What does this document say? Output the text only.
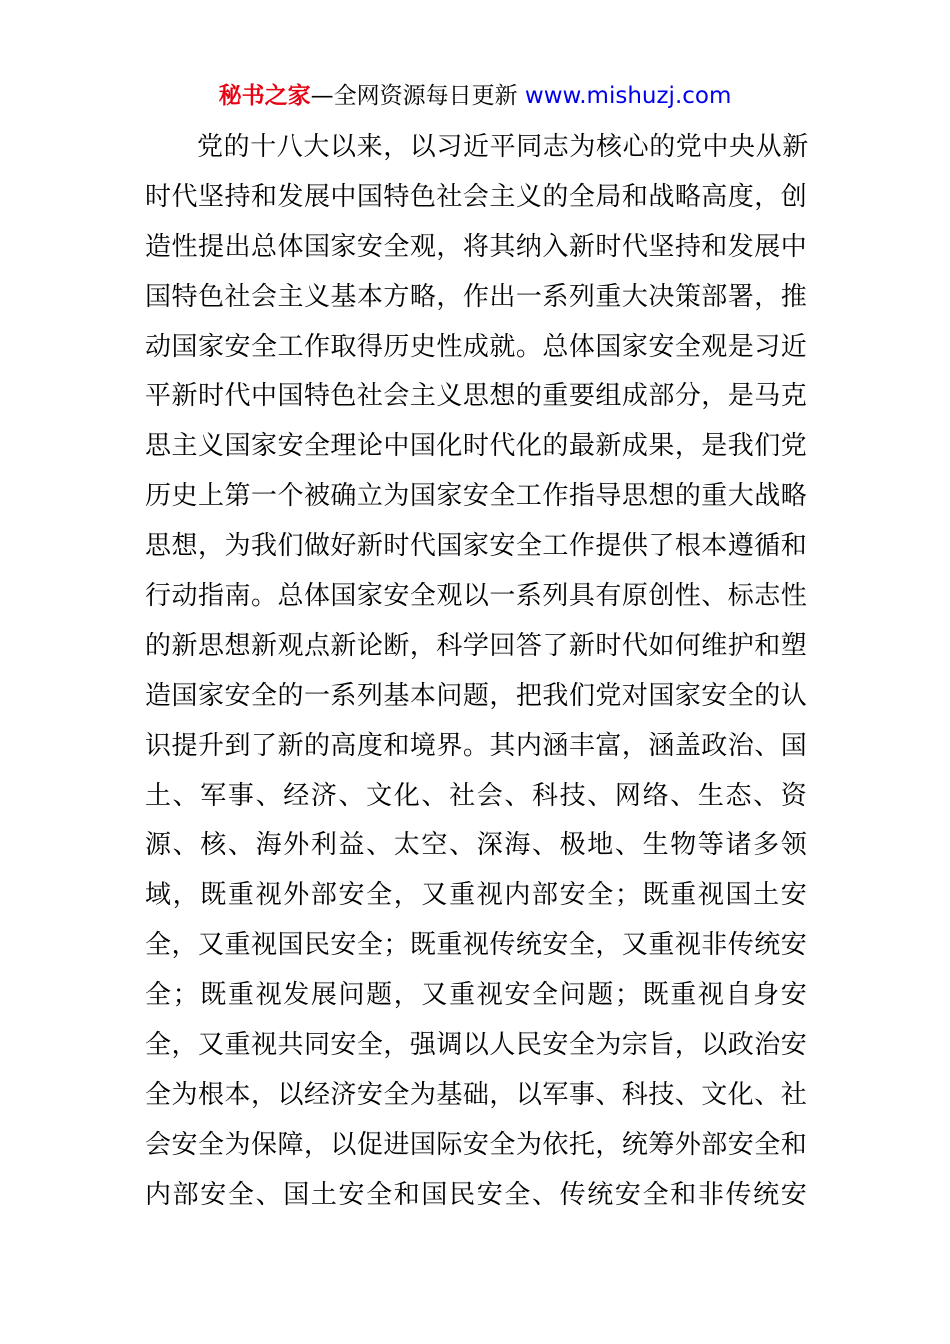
秘书之家—全网资源每日更新 www.mishuzj.com
党的十八大以来，以习近平同志为核心的党中央从新
时代坚持和发展中国特色社会主义的全局和战略高度，创
造性提出总体国家安全观，将其纳入新时代坚持和发展中
国特色社会主义基本方略，作出一系列重大决策部署，推
动国家安全工作取得历史性成就。总体国家安全观是习近
平新时代中国特色社会主义思想的重要组成部分，是马克
思主义国家安全理论中国化时代化的最新成果，是我们党
历史上第一个被确立为国家安全工作指导思想的重大战略
思想，为我们做好新时代国家安全工作提供了根本遵循和
行动指南。总体国家安全观以一系列具有原创性、标志性
的新思想新观点新论断，科学回答了新时代如何维护和塑
造国家安全的一系列基本问题，把我们党对国家安全的认
识提升到了新的高度和境界。其内涵丰富，涵盖政治、国
土、军事、经济、文化、社会、科技、网络、生态、资
源、核、海外利益、太空、深海、极地、生物等诸多领
域，既重视外部安全，又重视内部安全；既重视国土安
全，又重视国民安全；既重视传统安全，又重视非传统安
全；既重视发展问题，又重视安全问题；既重视自身安
全，又重视共同安全，强调以人民安全为宗旨，以政治安
全为根本，以经济安全为基础，以军事、科技、文化、社
会安全为保障，以促进国际安全为依托，统筹外部安全和
内部安全、国土安全和国民安全、传统安全和非传统安
